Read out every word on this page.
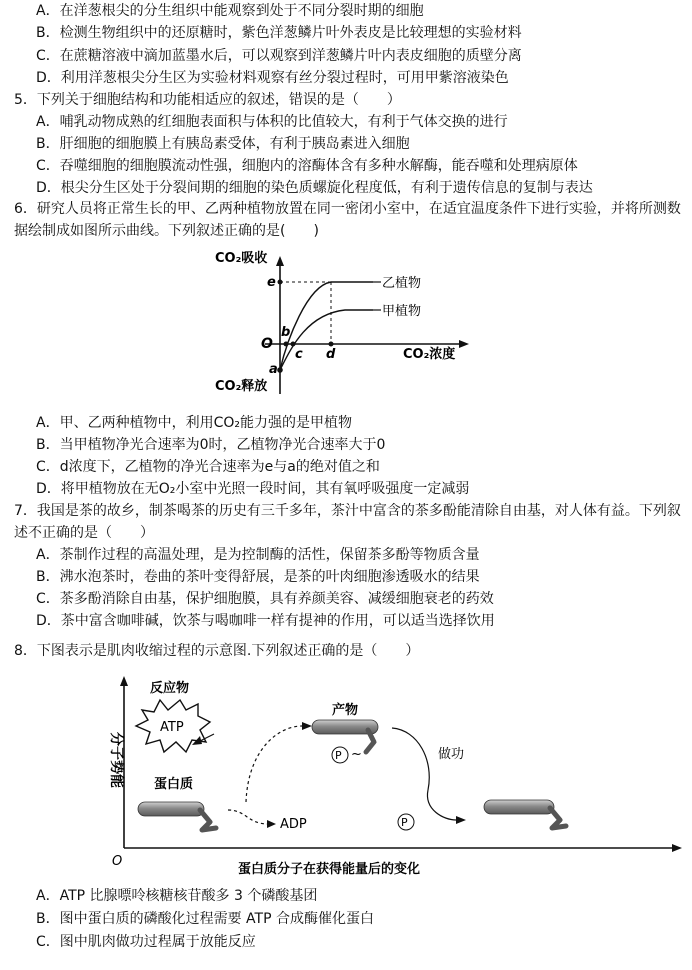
A．在洋葱根尖的分生组织中能观察到处于不同分裂时期的细胞
B．检测生物组织中的还原糖时，紫色洋葱鳞片叶外表皮是比较理想的实验材料
C．在蔗糖溶液中滴加蓝墨水后，可以观察到洋葱鳞片叶内表皮细胞的质壁分离
D．利用洋葱根尖分生区为实验材料观察有丝分裂过程时，可用甲紫溶液染色
5．下列关于细胞结构和功能相适应的叙述，错误的是（　　）
A．哺乳动物成熟的红细胞表面积与体积的比值较大，有利于气体交换的进行
B．肝细胞的细胞膜上有胰岛素受体，有利于胰岛素进入细胞
C．吞噬细胞的细胞膜流动性强，细胞内的溶酶体含有多种水解酶，能吞噬和处理病原体
D．根尖分生区处于分裂间期的细胞的染色质螺旋化程度低，有利于遗传信息的复制与表达
6．研究人员将正常生长的甲、乙两种植物放置在同一密闭小室中，在适宜温度条件下进行实验，并将所测数据绘制成如图所示曲线。下列叙述正确的是(　　)
CO₂吸收
CO₂释放
CO₂浓度
O
e
b
c d
a
乙植物
甲植物
A．甲、乙两种植物中，利用CO₂能力强的是甲植物
B．当甲植物净光合速率为0时，乙植物净光合速率大于0
C．d浓度下，乙植物的净光合速率为e与a的绝对值之和
D．将甲植物放在无O₂小室中光照一段时间，其有氧呼吸强度一定减弱
7．我国是茶的故乡，制茶喝茶的历史有三千多年，茶汁中富含的茶多酚能清除自由基，对人体有益。下列叙述不正确的是（　　）
A．茶制作过程的高温处理，是为控制酶的活性，保留茶多酚等物质含量
B．沸水泡茶时，卷曲的茶叶变得舒展，是茶的叶肉细胞渗透吸水的结果
C．茶多酚消除自由基，保护细胞膜，具有养颜美容、减缓细胞衰老的药效
D．茶中富含咖啡碱，饮茶与喝咖啡一样有提神的作用，可以适当选择饮用
8．下图表示是肌肉收缩过程的示意图.下列叙述正确的是（　　）
O
蛋白质分子在获得能量后的变化
分子势能
反应物
ATP
蛋白质
ADP
产物
P ~	做功
P
A．ATP 比腺嘌呤核糖核苷酸多 3 个磷酸基团
B．图中蛋白质的磷酸化过程需要 ATP 合成酶催化蛋白
C．图中肌肉做功过程属于放能反应
